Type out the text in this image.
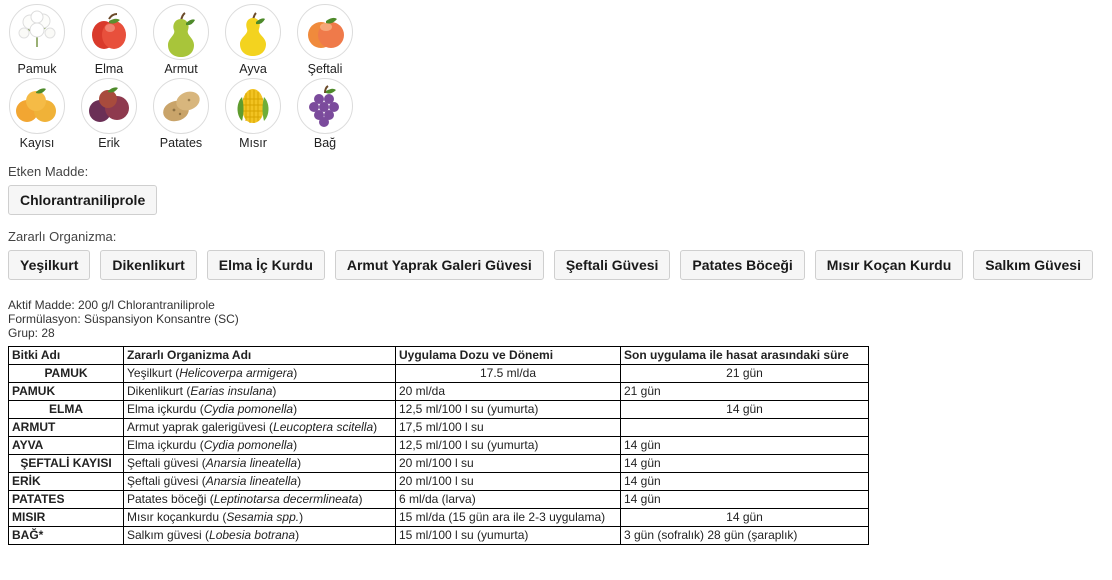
Pamuk	Elma	Armut	Ayva	Şeftali
Kayısı	Erik	Patates	Mısır	Bağ
Etken Madde:
Chlorantraniliprole
Zararlı Organizma:
Yeşilkurt	Dikenlikurt	Elma İç Kurdu	Armut Yaprak Galeri Güvesi	Şeftali Güvesi	Patates Böceği	Mısır Koçan Kurdu	Salkım Güvesi
Aktif Madde: 200 g/l Chlorantraniliprole
Formülasyon: Süspansiyon Konsantre (SC)
Grup: 28
Bitki Adı	Zararlı Organizma Adı	Uygulama Dozu ve Dönemi	Son uygulama ile hasat arasındaki süre
PAMUK	Yeşilkurt (Helicoverpa armigera)	17.5 ml/da	21 gün
PAMUK	Dikenlikurt (Earias insulana)	20 ml/da	21 gün
ELMA	Elma içkurdu (Cydia pomonella)	12,5 ml/100 l su (yumurta)	14 gün
ARMUT	Armut yaprak galerigüvesi (Leucoptera scitella)	17,5 ml/100 l su	
AYVA	Elma içkurdu (Cydia pomonella)	12,5 ml/100 l su (yumurta)	14 gün
ŞEFTALİ KAYISI	Şeftali güvesi (Anarsia lineatella)	20 ml/100 l su	14 gün
ERİK	Şeftali güvesi (Anarsia lineatella)	20 ml/100 l su	14 gün
PATATES	Patates böceği (Leptinotarsa decermlineata)	6 ml/da (larva)	14 gün
MISIR	Mısır koçankurdu (Sesamia spp.)	15 ml/da (15 gün ara ile 2-3 uygulama)	14 gün
BAĞ*	Salkım güvesi (Lobesia botrana)	15 ml/100 l su (yumurta)	3 gün (sofralık) 28 gün (şaraplık)
